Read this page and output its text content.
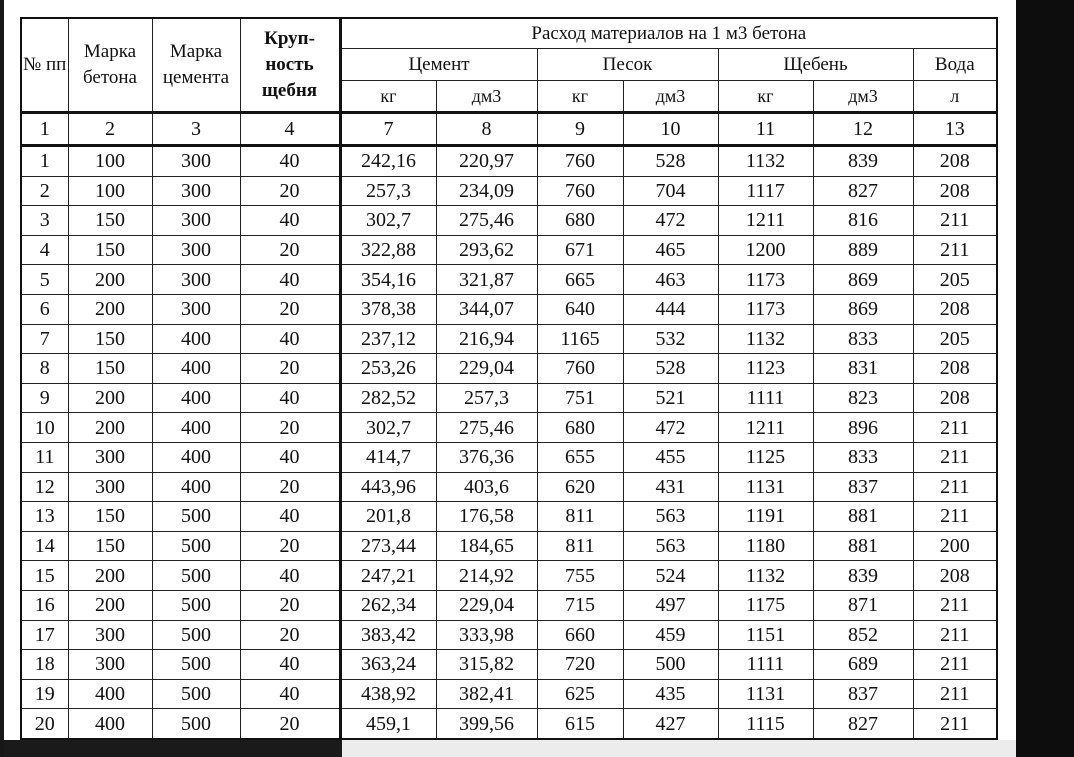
№ пп	Марка бетона	Марка цемента	Круп-ность щебня	Расход материалов на 1 м3 бетона						
				Цемент		Песок		Щебень		Вода
				кг	дм3	кг	дм3	кг	дм3	л
1	2	3	4	7	8	9	10	11	12	13
1	100	300	40	242,16	220,97	760	528	1132	839	208
2	100	300	20	257,3	234,09	760	704	1117	827	208
3	150	300	40	302,7	275,46	680	472	1211	816	211
4	150	300	20	322,88	293,62	671	465	1200	889	211
5	200	300	40	354,16	321,87	665	463	1173	869	205
6	200	300	20	378,38	344,07	640	444	1173	869	208
7	150	400	40	237,12	216,94	1165	532	1132	833	205
8	150	400	20	253,26	229,04	760	528	1123	831	208
9	200	400	40	282,52	257,3	751	521	1111	823	208
10	200	400	20	302,7	275,46	680	472	1211	896	211
11	300	400	40	414,7	376,36	655	455	1125	833	211
12	300	400	20	443,96	403,6	620	431	1131	837	211
13	150	500	40	201,8	176,58	811	563	1191	881	211
14	150	500	20	273,44	184,65	811	563	1180	881	200
15	200	500	40	247,21	214,92	755	524	1132	839	208
16	200	500	20	262,34	229,04	715	497	1175	871	211
17	300	500	20	383,42	333,98	660	459	1151	852	211
18	300	500	40	363,24	315,82	720	500	1111	689	211
19	400	500	40	438,92	382,41	625	435	1131	837	211
20	400	500	20	459,1	399,56	615	427	1115	827	211
